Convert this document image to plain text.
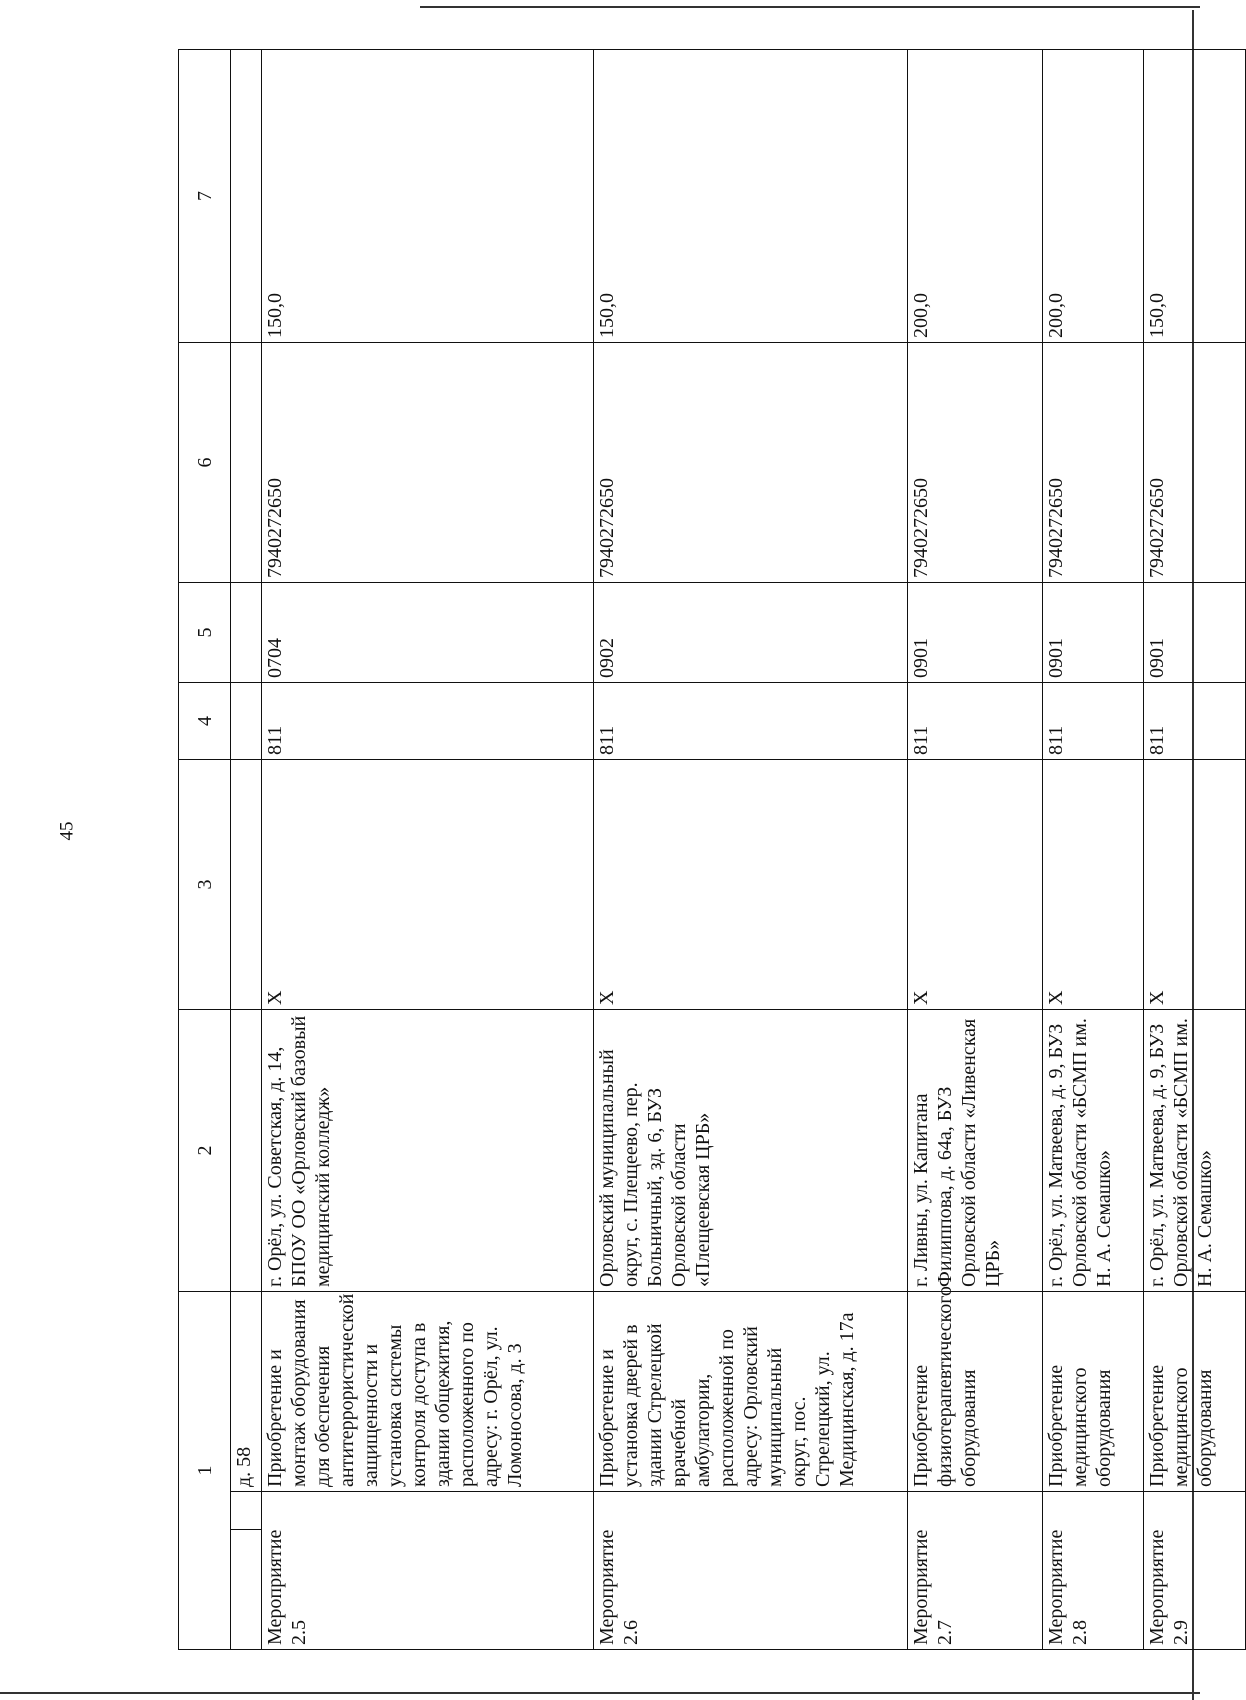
45
1			2	3	4	5	6	7
		д. 58						
Мероприятие
2.5		Приобретение и монтаж оборудования для обеспечения антитеррористической защищенности и установка системы контроля доступа в здании общежития, расположенного по адресу: г. Орёл, ул. Ломоносова, д. 3	г. Орёл, ул. Советская, д. 14, БПОУ ОО «Орловский базовый медицинский колледж»	Х	811	0704	7940272650	150,0
Мероприятие
2.6		Приобретение и установка дверей в здании Стрелецкой врачебной амбулатории, расположенной по адресу: Орловский муниципальный округ, пос. Стрелецкий, ул. Медицинская, д. 17а	Орловский муниципальный округ, с. Плещеево, пер. Больничный, зд. 6, БУЗ Орловской области «Плещеевская ЦРБ»	Х	811	0902	7940272650	150,0
Мероприятие
2.7		Приобретение физиотерапевтического оборудования	г. Ливны, ул. Капитана Филиппова, д. 64а, БУЗ Орловской области «Ливенская ЦРБ»	Х	811	0901	7940272650	200,0
Мероприятие
2.8		Приобретение медицинского оборудования	г. Орёл, ул. Матвеева, д. 9, БУЗ Орловской области «БСМП им. Н. А. Семашко»	Х	811	0901	7940272650	200,0
Мероприятие
2.9		Приобретение медицинского оборудования	г. Орёл, ул. Матвеева, д. 9, БУЗ Орловской области «БСМП им. Н. А. Семашко»	Х	811	0901	7940272650	150,0
